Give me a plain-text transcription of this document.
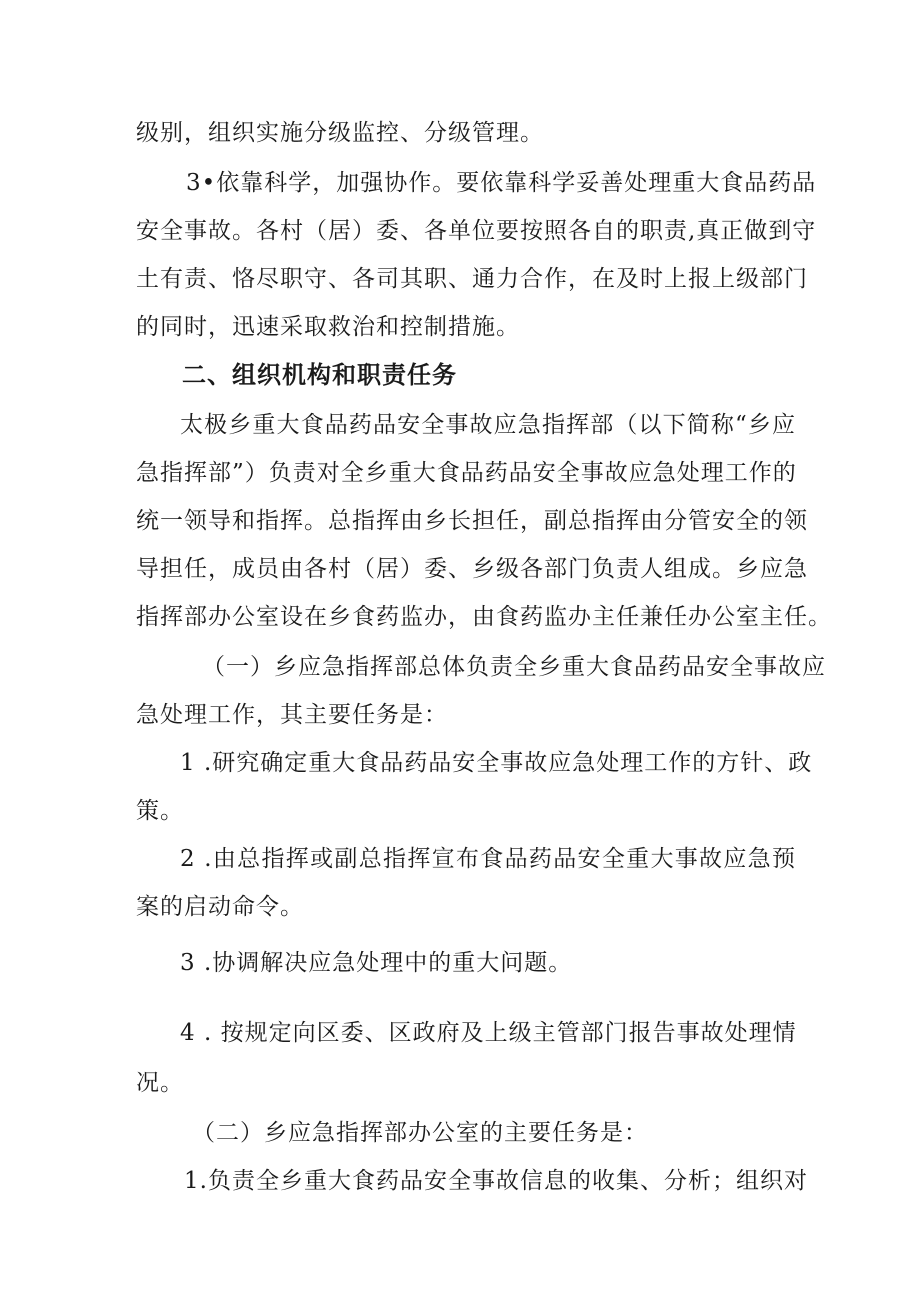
级别，组织实施分级监控、分级管理。
3•依靠科学，加强协作。要依靠科学妥善处理重大食品药品
安全事故。各村（居）委、各单位要按照各自的职责,真正做到守
土有责、恪尽职守、各司其职、通力合作，在及时上报上级部门
的同时，迅速采取救治和控制措施。
二、组织机构和职责任务
太极乡重大食品药品安全事故应急指挥部（以下简称“乡应
急指挥部”）负责对全乡重大食品药品安全事故应急处理工作的
统一领导和指挥。总指挥由乡长担任，副总指挥由分管安全的领
导担任，成员由各村（居）委、乡级各部门负责人组成。乡应急
指挥部办公室设在乡食药监办，由食药监办主任兼任办公室主任。
（一）乡应急指挥部总体负责全乡重大食品药品安全事故应
急处理工作，其主要任务是：
1 .研究确定重大食品药品安全事故应急处理工作的方针、政
策。
2 .由总指挥或副总指挥宣布食品药品安全重大事故应急预
案的启动命令。
3 .协调解决应急处理中的重大问题。
4 . 按规定向区委、区政府及上级主管部门报告事故处理情
况。
（二）乡应急指挥部办公室的主要任务是：
1.负责全乡重大食药品安全事故信息的收集、分析；组织对
